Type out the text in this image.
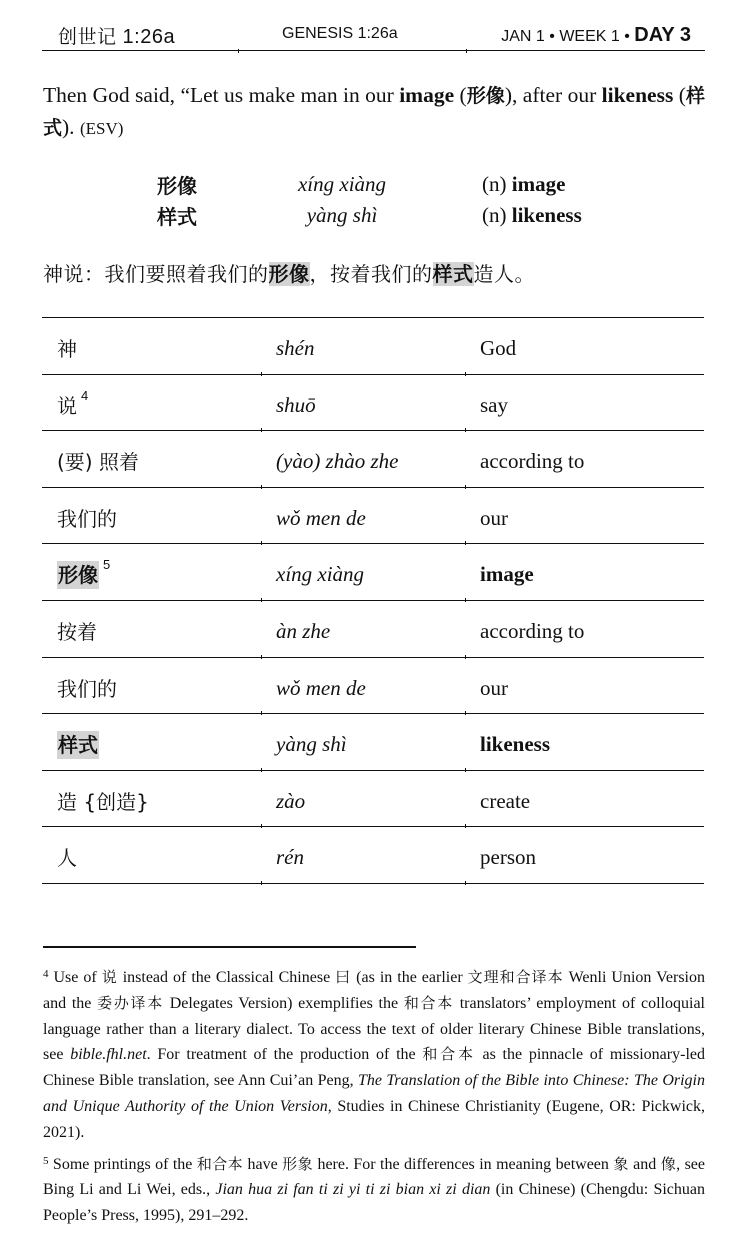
创世记 1:26a	GENESIS 1:26a	JAN 1 • WEEK 1 • DAY 3
Then God said, “Let us make man in our image (形像), after our likeness (样式). (ESV)
形像	xíng xiàng	(n) image
样式	yàng shì	(n) likeness
神说：我们要照着我们的形像，按着我们的样式造人。
神	shén	God
说 $^4$	shuō	say
(要) 照着	(yào) zhào zhe	according to
我们的	wǒ men de	our
形像 $^5$	xíng xiàng	image
按着	àn zhe	according to
我们的	wǒ men de	our
样式	yàng shì	likeness
造 {创造}	zào	create
人	rén	person

$^4$ Use of 说 instead of the Classical Chinese 曰 (as in the earlier 文理和合译本 Wenli Union Version and the 委办译本 Delegates Version) exemplifies the 和合本 translators’ employment of colloquial language rather than a literary dialect. To access the text of older literary Chinese Bible translations, see bible.fhl.net. For treatment of the production of the 和合本 as the pinnacle of missionary-led Chinese Bible translation, see Ann Cui’an Peng, The Translation of the Bible into Chinese: The Origin and Unique Authority of the Union Version, Studies in Chinese Christianity (Eugene, OR: Pickwick, 2021).

$^5$ Some printings of the 和合本 have 形象 here. For the differences in meaning between 象 and 像, see Bing Li and Li Wei, eds., Jian hua zi fan ti zi yi ti zi bian xi zi dian (in Chinese) (Chengdu: Sichuan People’s Press, 1995), 291–292.
